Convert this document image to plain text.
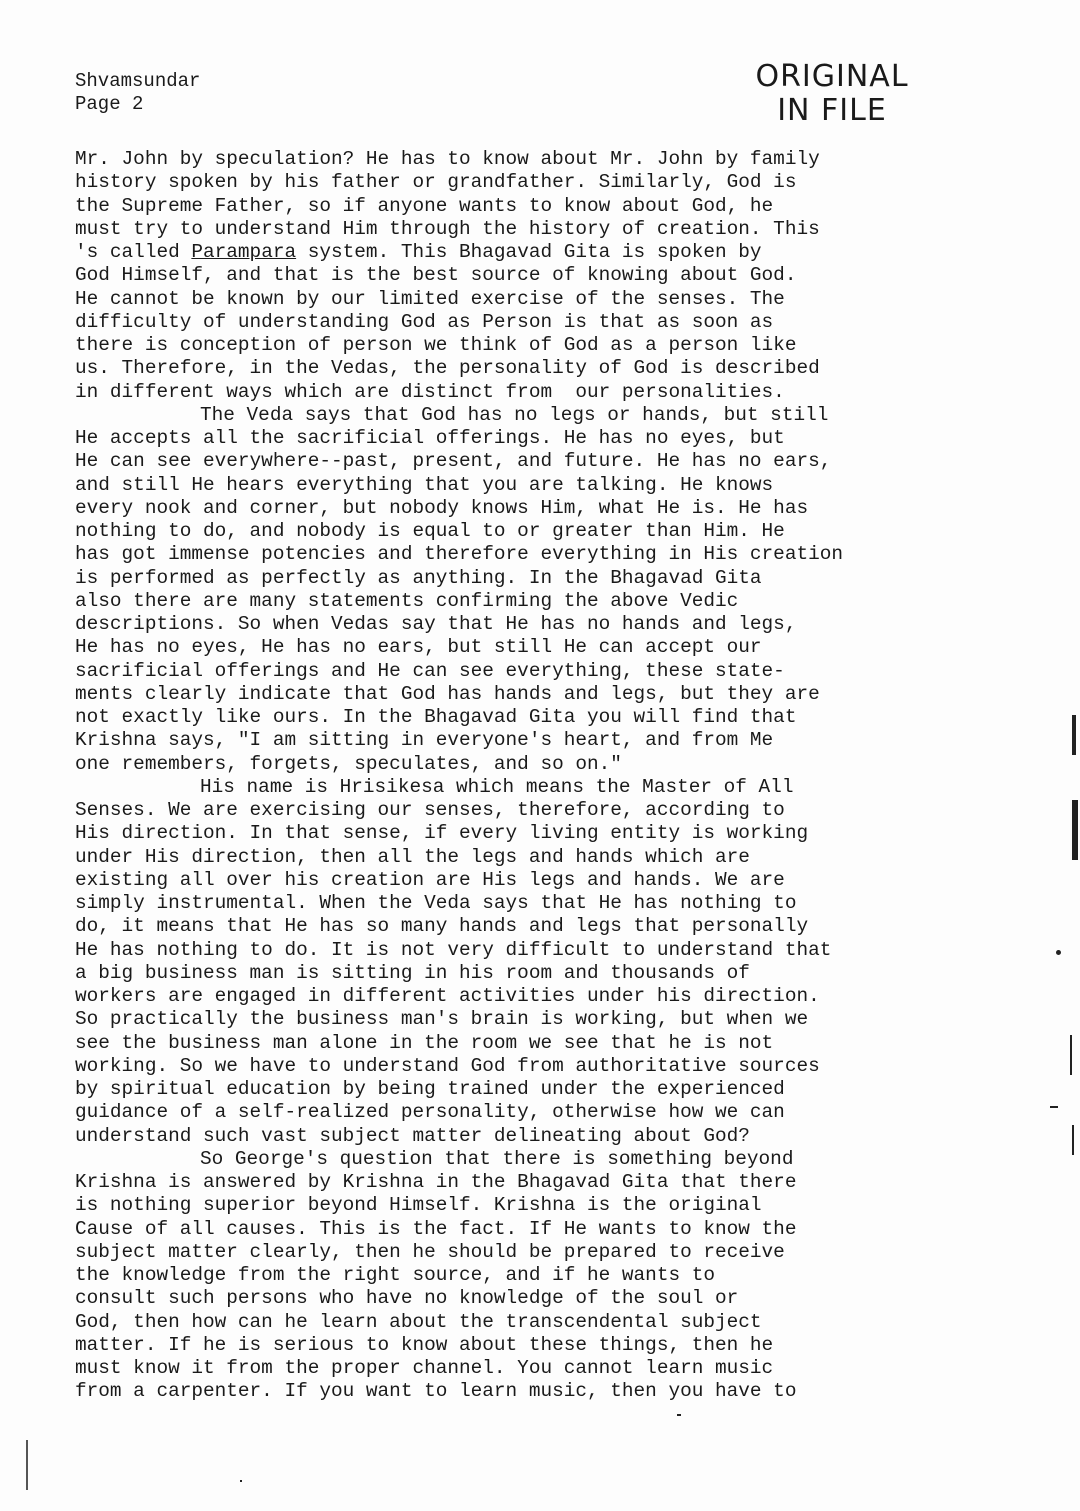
Shvamsundar
Page 2
ORIGINAL
IN FILE
Mr. John by speculation? He has to know about Mr. John by family
history spoken by his father or grandfather. Similarly, God is
the Supreme Father, so if anyone wants to know about God, he
must try to understand Him through the history of creation. This
's called Parampara system. This Bhagavad Gita is spoken by
God Himself, and that is the best source of knowing about God.
He cannot be known by our limited exercise of the senses. The
difficulty of understanding God as Person is that as soon as
there is conception of person we think of God as a person like
us. Therefore, in the Vedas, the personality of God is described
in different ways which are distinct from  our personalities.
The Veda says that God has no legs or hands, but still
He accepts all the sacrificial offerings. He has no eyes, but
He can see everywhere--past, present, and future. He has no ears,
and still He hears everything that you are talking. He knows
every nook and corner, but nobody knows Him, what He is. He has
nothing to do, and nobody is equal to or greater than Him. He
has got immense potencies and therefore everything in His creation
is performed as perfectly as anything. In the Bhagavad Gita
also there are many statements confirming the above Vedic
descriptions. So when Vedas say that He has no hands and legs,
He has no eyes, He has no ears, but still He can accept our
sacrificial offerings and He can see everything, these state-
ments clearly indicate that God has hands and legs, but they are
not exactly like ours. In the Bhagavad Gita you will find that
Krishna says, "I am sitting in everyone's heart, and from Me
one remembers, forgets, speculates, and so on."
His name is Hrisikesa which means the Master of All
Senses. We are exercising our senses, therefore, according to
His direction. In that sense, if every living entity is working
under His direction, then all the legs and hands which are
existing all over his creation are His legs and hands. We are
simply instrumental. When the Veda says that He has nothing to
do, it means that He has so many hands and legs that personally
He has nothing to do. It is not very difficult to understand that
a big business man is sitting in his room and thousands of
workers are engaged in different activities under his direction.
So practically the business man's brain is working, but when we
see the business man alone in the room we see that he is not
working. So we have to understand God from authoritative sources
by spiritual education by being trained under the experienced
guidance of a self-realized personality, otherwise how we can
understand such vast subject matter delineating about God?
So George's question that there is something beyond
Krishna is answered by Krishna in the Bhagavad Gita that there
is nothing superior beyond Himself. Krishna is the original
Cause of all causes. This is the fact. If He wants to know the
subject matter clearly, then he should be prepared to receive
the knowledge from the right source, and if he wants to
consult such persons who have no knowledge of the soul or
God, then how can he learn about the transcendental subject
matter. If he is serious to know about these things, then he
must know it from the proper channel. You cannot learn music
from a carpenter. If you want to learn music, then you have to
